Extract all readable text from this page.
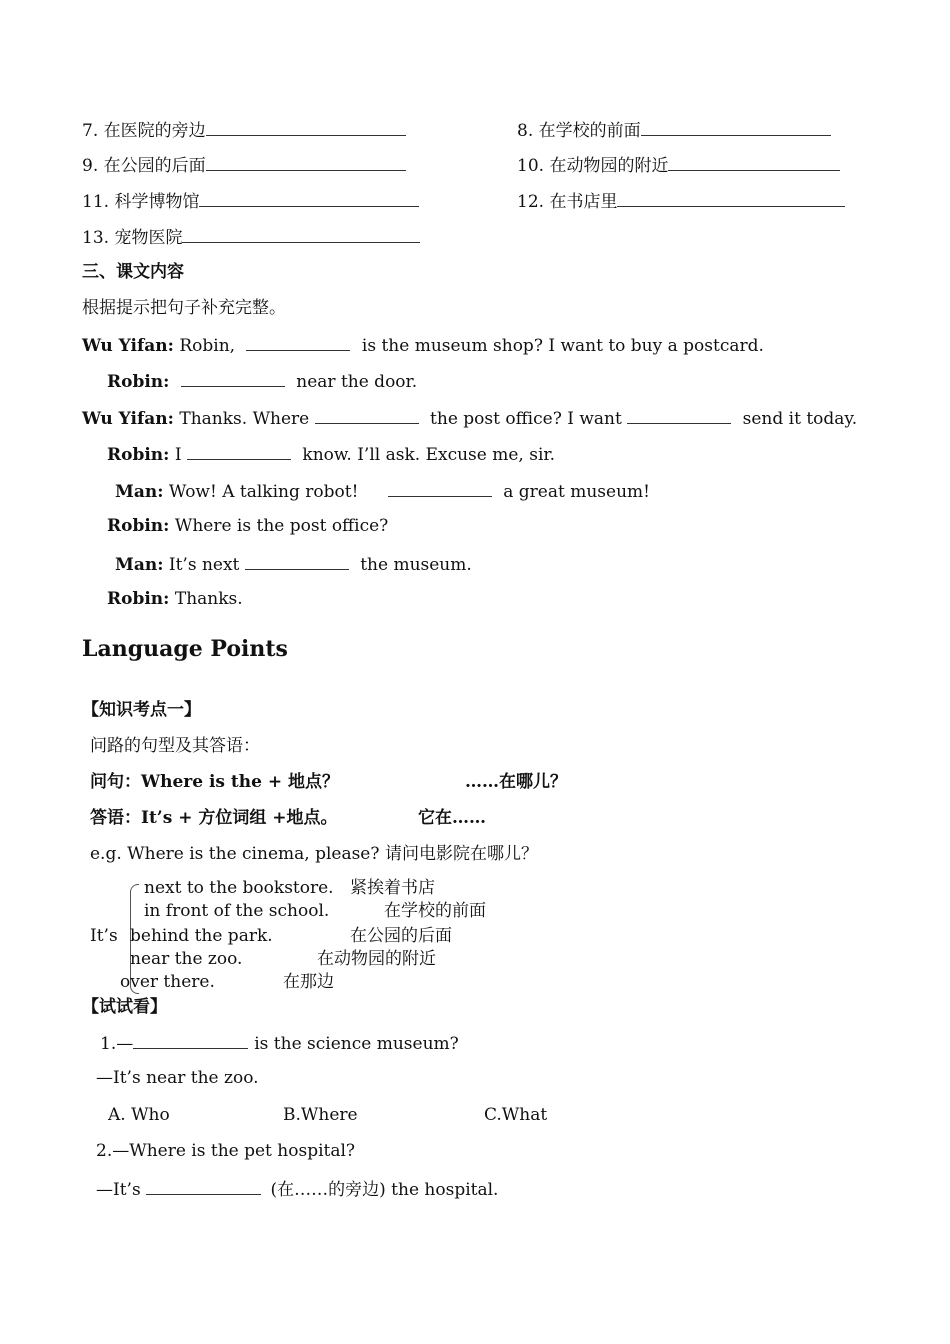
7. 在医院的旁边	8. 在学校的前面
9. 在公园的后面	10. 在动物园的附近
11. 科学博物馆	12. 在书店里
13. 宠物医院
三、课文内容
根据提示把句子补充完整。
Wu Yifan: Robin,	is the museum shop? I want to buy a postcard.
Robin:	near the door.
Wu Yifan: Thanks. Where	the post office? I want	send it today.
Robin: I	know. I’ll ask. Excuse me, sir.
Man: Wow! A talking robot!	a great museum!
Robin: Where is the post office?
Man: It’s next	the museum.
Robin: Thanks.
Language Points
【知识考点一】
问路的句型及其答语：
问句：Where is the + 地点？	……在哪儿？
答语：It’s + 方位词组 +地点。	它在……
e.g. Where is the cinema, please? 请问电影院在哪儿？
It’s
next to the bookstore. 紧挨着书店
in front of the school.	在学校的前面
behind the park.	在公园的后面
near the zoo.	在动物园的附近
over there.	在那边
【试试看】
1.—	is the science museum?
—It’s near the zoo.
A. Who	B.Where	C.What
2.—Where is the pet hospital?
—It’s	(在……的旁边) the hospital.
